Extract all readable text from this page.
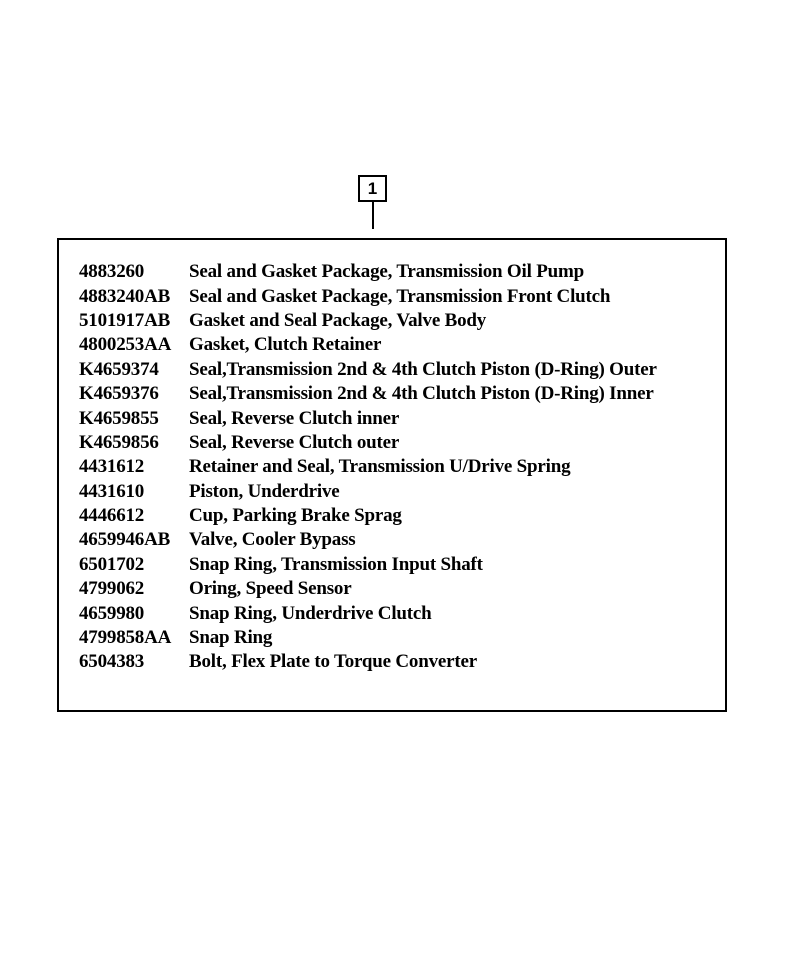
1
4883260	Seal and Gasket Package, Transmission Oil Pump
4883240AB Seal and Gasket Package, Transmission Front Clutch
5101917AB Gasket and Seal Package, Valve Body
4800253AA Gasket, Clutch Retainer
K4659374	Seal,Transmission 2nd & 4th Clutch Piston (D-Ring) Outer
K4659376	Seal,Transmission 2nd & 4th Clutch Piston (D-Ring) Inner
K4659855	Seal, Reverse Clutch inner
K4659856	Seal, Reverse Clutch outer
4431612	Retainer and Seal, Transmission U/Drive Spring
4431610	Piston, Underdrive
4446612	Cup, Parking Brake Sprag
4659946AB Valve, Cooler Bypass
6501702	Snap Ring, Transmission Input Shaft
4799062	Oring, Speed Sensor
4659980	Snap Ring, Underdrive Clutch
4799858AA Snap Ring
6504383	Bolt, Flex Plate to Torque Converter
